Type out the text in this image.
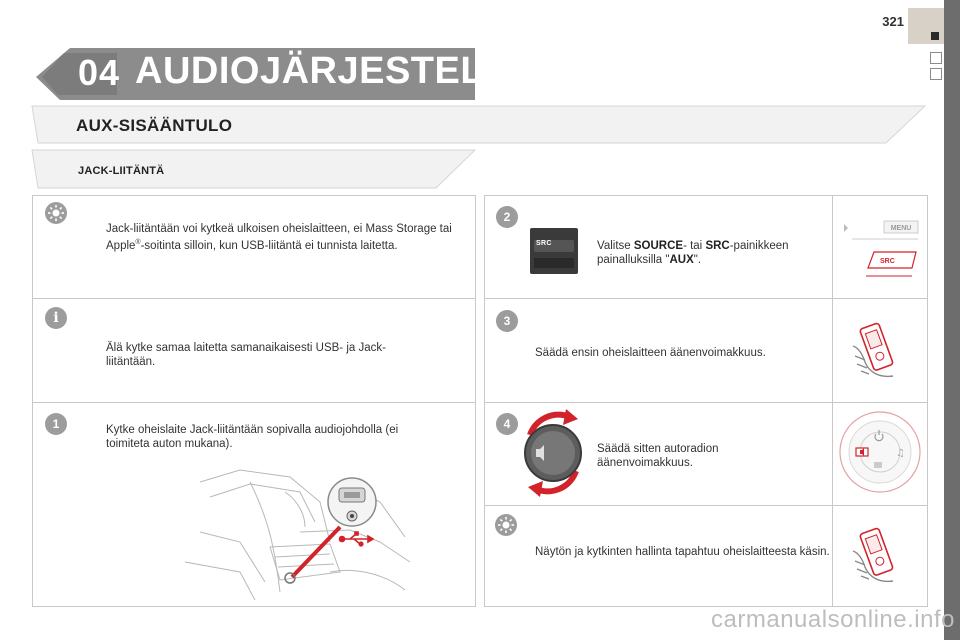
321
04 AUDIOJÄRJESTELMÄ
AUX-SISÄÄNTULO
JACK-LIITÄNTÄ
Jack-liitäntään voi kytkeä ulkoisen oheislaitteen, ei Mass Storage tai Apple®-soitinta silloin, kun USB-liitäntä ei tunnista laitetta.
i
Älä kytke samaa laitetta samanaikaisesti USB- ja Jack-liitäntään.
1	Kytke oheislaite Jack-liitäntään sopivalla audiojohdolla (ei toimiteta auton mukana).
2
SRC	Valitse SOURCE- tai SRC-painikkeen painalluksilla "AUX".
MENU
SRC
3
Säädä ensin oheislaitteen äänenvoimakkuus.
4
Säädä sitten autoradion äänenvoimakkuus.
♫
Näytön ja kytkinten hallinta tapahtuu oheislaitteesta käsin.
carmanualsonline.info
